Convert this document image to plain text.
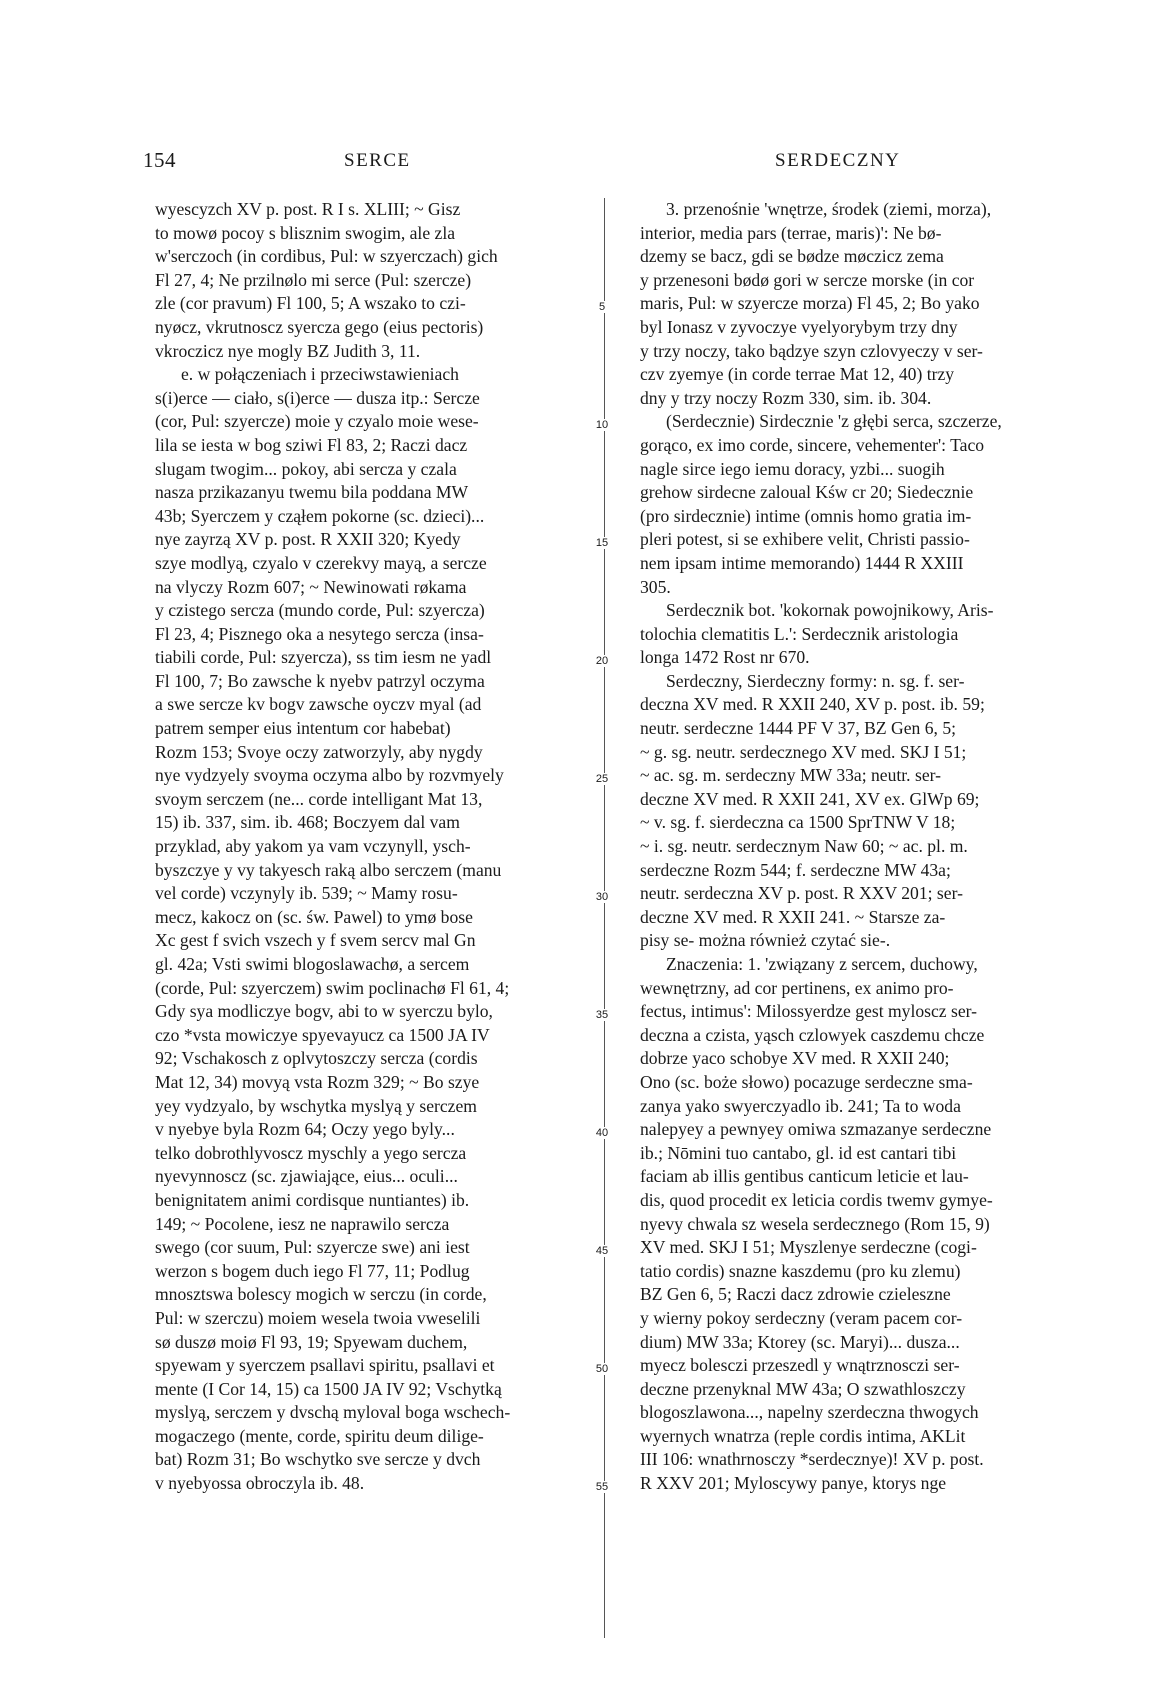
154	SERCE	SERDECZNY

wyescyzch XV p. post. R I s. XLIII; ~ Gisz
to mowø pocoy s blisznim swogim, ale zla
w'serczoch (in cordibus, Pul: w szyerczach) gich
Fl 27, 4; Ne przilnølo mi serce (Pul: szercze)
zle (cor pravum) Fl 100, 5; A wszako to czi-
nyøcz, vkrutnoscz syercza gego (eius pectoris)
vkroczicz nye mogly BZ Judith 3, 11.

e. w połączeniach i przeciwstawieniach
s(i)erce — ciało, s(i)erce — dusza itp.: Sercze
(cor, Pul: szyercze) moie y czyalo moie wese-
lila se iesta w bog sziwi Fl 83, 2; Raczi dacz
slugam twogim... pokoy, abi sercza y czala
nasza przikazanyu twemu bila poddana MW
43b; Syerczem y cząłem pokorne (sc. dzieci)...
nye zayrzą XV p. post. R XXII 320; Kyedy
szye modlyą, czyalo v czerekvy mayą, a sercze
na vlyczy Rozm 607; ~ Newinowati røkama
y czistego sercza (mundo corde, Pul: szyercza)
Fl 23, 4; Pisznego oka a nesytego sercza (insa-
tiabili corde, Pul: szyercza), ss tim iesm ne yadl
Fl 100, 7; Bo zawsche k nyebv patrzyl oczyma
a swe sercze kv bogv zawsche oyczv myal (ad
patrem semper eius intentum cor habebat)
Rozm 153; Svoye oczy zatworzyly, aby nygdy
nye vydzyely svoyma oczyma albo by rozvmyely
svoym serczem (ne... corde intelligant Mat 13,
15) ib. 337, sim. ib. 468; Boczyem dal vam
przyklad, aby yakom ya vam vczynyll, ysch-
byszczye y vy takyesch raką albo serczem (manu
vel corde) vczynyly ib. 539; ~ Mamy rosu-
mecz, kakocz on (sc. św. Pawel) to ymø bose
Xc gest f svich vszech y f svem sercv mal Gn
gl. 42a; Vsti swimi blogoslawachø, a sercem
(corde, Pul: szyerczem) swim poclinachø Fl 61, 4;
Gdy sya modliczye bogv, abi to w syerczu bylo,
czo *vsta mowiczye spyevayucz ca 1500 JA IV
92; Vschakosch z oplvytoszczy sercza (cordis
Mat 12, 34) movyą vsta Rozm 329; ~ Bo szye
yey vydzyalo, by wschytka myslyą y serczem
v nyebye byla Rozm 64; Oczy yego byly...
telko dobrothlyvoscz myschly a yego sercza
nyevynnoscz (sc. zjawiające, eius... oculi...
benignitatem animi cordisque nuntiantes) ib.
149; ~ Pocolene, iesz ne naprawilo sercza
swego (cor suum, Pul: szyercze swe) ani iest
werzon s bogem duch iego Fl 77, 11; Podlug
mnosztswa bolescy mogich w serczu (in corde,
Pul: w szerczu) moiem wesela twoia vweselili
sø duszø moiø Fl 93, 19; Spyewam duchem,
spyewam y syerczem psallavi spiritu, psallavi et
mente (I Cor 14, 15) ca 1500 JA IV 92; Vschytką
myslyą, serczem y dvschą myloval boga wschech-
mogaczego (mente, corde, spiritu deum dilige-
bat) Rozm 31; Bo wschytko sve sercze y dvch
v nyebyossa obroczyla ib. 48.

5
10
15
20
25
30
35
40
45
50
55

3. przenośnie 'wnętrze, środek (ziemi, morza),
interior, media pars (terrae, maris)': Ne bø-
dzemy se bacz, gdi se bødze møczicz zema
y przenesoni bødø gori w sercze morske (in cor
maris, Pul: w szyercze morza) Fl 45, 2; Bo yako
byl Ionasz v zyvoczye vyelyorybym trzy dny
y trzy noczy, tako bądzye szyn czlovyeczy v ser-
czv zyemye (in corde terrae Mat 12, 40) trzy
dny y trzy noczy Rozm 330, sim. ib. 304.

(Serdecznie) Sirdecznie 'z głębi serca, szczerze,
gorąco, ex imo corde, sincere, vehementer': Taco
nagle sirce iego iemu doracy, yzbi... suogih
grehow sirdecne zaloual Kśw cr 20; Siedecznie
(pro sirdecznie) intime (omnis homo gratia im-
pleri potest, si se exhibere velit, Christi passio-
nem ipsam intime memorando) 1444 R XXIII
305.

Serdecznik bot. 'kokornak powojnikowy, Aris-
tolochia clematitis L.': Serdecznik aristologia
longa 1472 Rost nr 670.

Serdeczny, Sierdeczny formy: n. sg. f. ser-
deczna XV med. R XXII 240, XV p. post. ib. 59;
neutr. serdeczne 1444 PF V 37, BZ Gen 6, 5;
~ g. sg. neutr. serdecznego XV med. SKJ I 51;
~ ac. sg. m. serdeczny MW 33a; neutr. ser-
deczne XV med. R XXII 241, XV ex. GlWp 69;
~ v. sg. f. sierdeczna ca 1500 SprTNW V 18;
~ i. sg. neutr. serdecznym Naw 60; ~ ac. pl. m.
serdeczne Rozm 544; f. serdeczne MW 43a;
neutr. serdeczna XV p. post. R XXV 201; ser-
deczne XV med. R XXII 241. ~ Starsze za-
pisy se- można również czytać sie-.

Znaczenia: 1. 'związany z sercem, duchowy,
wewnętrzny, ad cor pertinens, ex animo pro-
fectus, intimus': Milossyerdze gest myloscz ser-
deczna a czista, yąsch czlowyek caszdemu chcze
dobrze yaco schobye XV med. R XXII 240;
Ono (sc. boże słowo) pocazuge serdeczne sma-
zanya yako swyerczyadlo ib. 241; Ta to woda
nalepyey a pewnyey omiwa szmazanye serdeczne
ib.; Nōmini tuo cantabo, gl. id est cantari tibi
faciam ab illis gentibus canticum leticie et lau-
dis, quod procedit ex leticia cordis twemv gymye-
nyevy chwala sz wesela serdecznego (Rom 15, 9)
XV med. SKJ I 51; Myszlenye serdeczne (cogi-
tatio cordis) snazne kaszdemu (pro ku zlemu)
BZ Gen 6, 5; Raczi dacz zdrowie czieleszne
y wierny pokoy serdeczny (veram pacem cor-
dium) MW 33a; Ktorey (sc. Maryi)... dusza...
myecz bolesczi przeszedl y wnątrznosczi ser-
deczne przenyknal MW 43a; O szwathloszczy
blogoszlawona..., napelny szerdeczna thwogych
wyernych wnatrza (reple cordis intima, AKLit
III 106: wnathrnosczy *serdecznye)! XV p. post.
R XXV 201; Myloscywy panye, ktorys nge
